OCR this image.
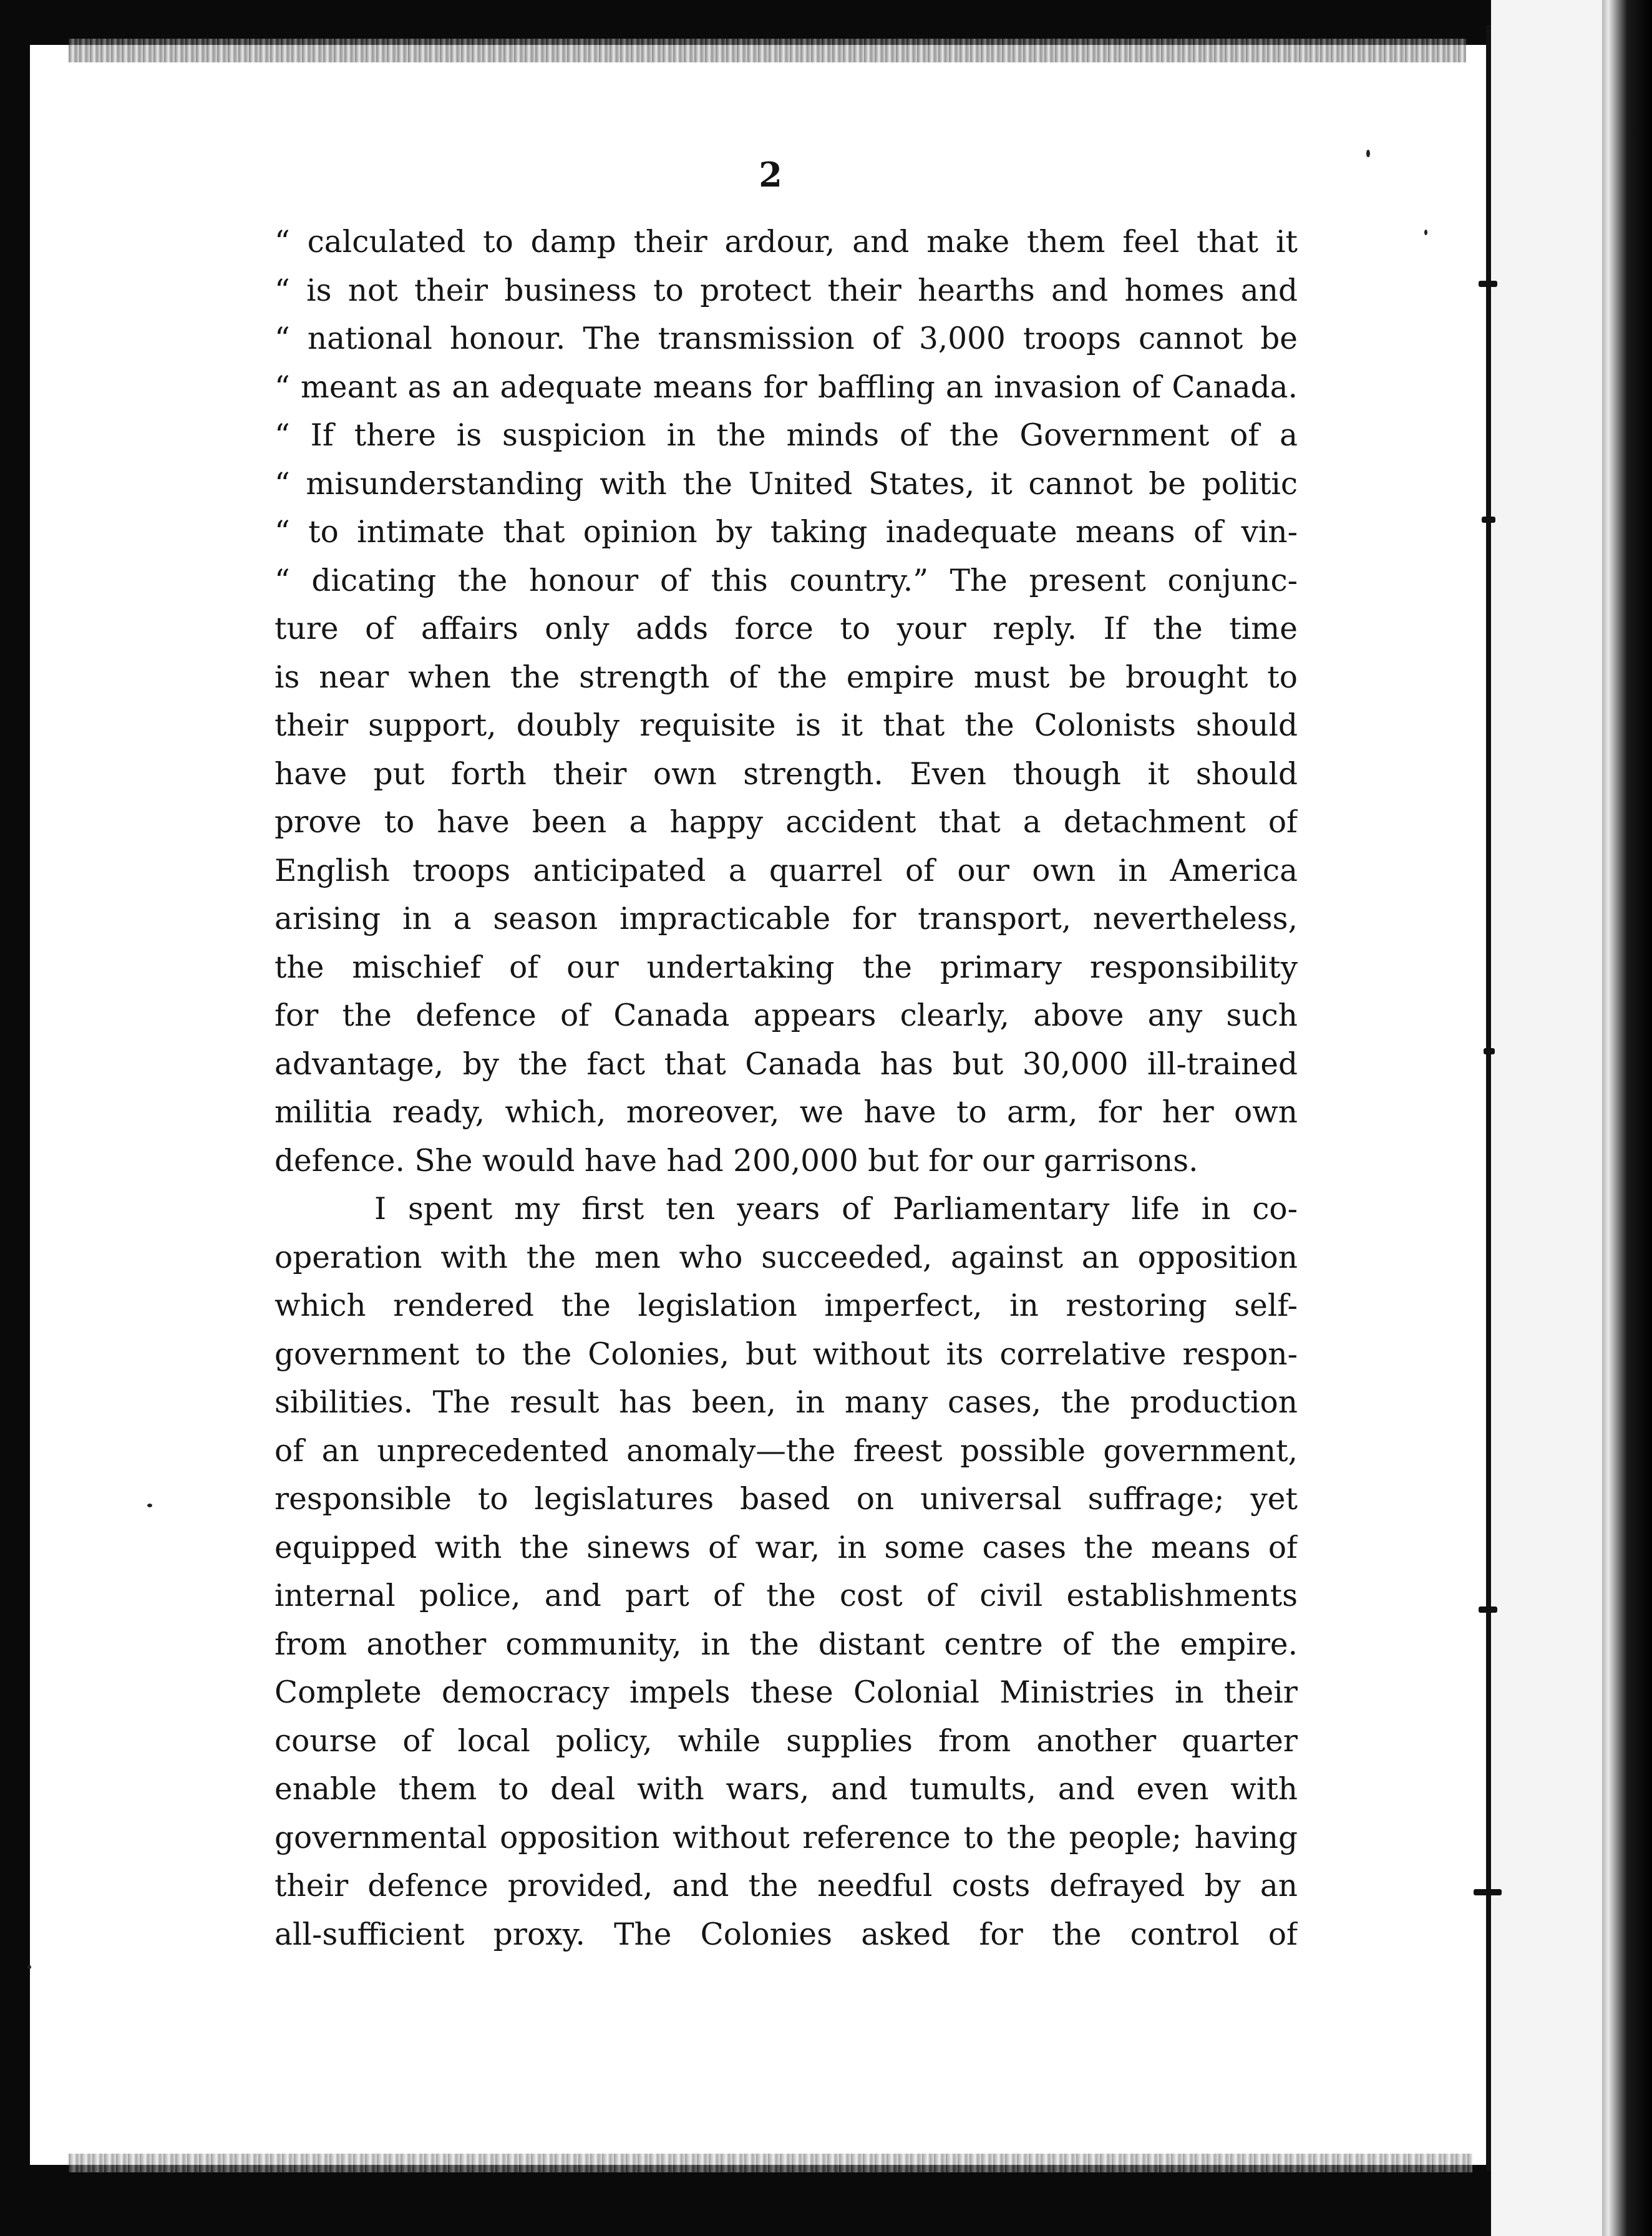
2
“ calculated to damp their ardour, and make them feel that it
“ is not their business to protect their hearths and homes and
“ national honour. The transmission of 3,000 troops cannot be
“ meant as an adequate means for baffling an invasion of Canada.
“ If there is suspicion in the minds of the Government of a
“ misunderstanding with the United States, it cannot be politic
“ to intimate that opinion by taking inadequate means of vin-
“ dicating the honour of this country.” The present conjunc-
ture of affairs only adds force to your reply. If the time
is near when the strength of the empire must be brought to
their support, doubly requisite is it that the Colonists should
have put forth their own strength. Even though it should
prove to have been a happy accident that a detachment of
English troops anticipated a quarrel of our own in America
arising in a season impracticable for transport, nevertheless,
the mischief of our undertaking the primary responsibility
for the defence of Canada appears clearly, above any such
advantage, by the fact that Canada has but 30,000 ill-trained
militia ready, which, moreover, we have to arm, for her own
defence. She would have had 200,000 but for our garrisons.
I spent my first ten years of Parliamentary life in co-
operation with the men who succeeded, against an opposition
which rendered the legislation imperfect, in restoring self-
government to the Colonies, but without its correlative respon-
sibilities. The result has been, in many cases, the production
of an unprecedented anomaly—the freest possible government,
responsible to legislatures based on universal suffrage; yet
equipped with the sinews of war, in some cases the means of
internal police, and part of the cost of civil establishments
from another community, in the distant centre of the empire.
Complete democracy impels these Colonial Ministries in their
course of local policy, while supplies from another quarter
enable them to deal with wars, and tumults, and even with
governmental opposition without reference to the people; having
their defence provided, and the needful costs defrayed by an
all-sufficient proxy. The Colonies asked for the control of
